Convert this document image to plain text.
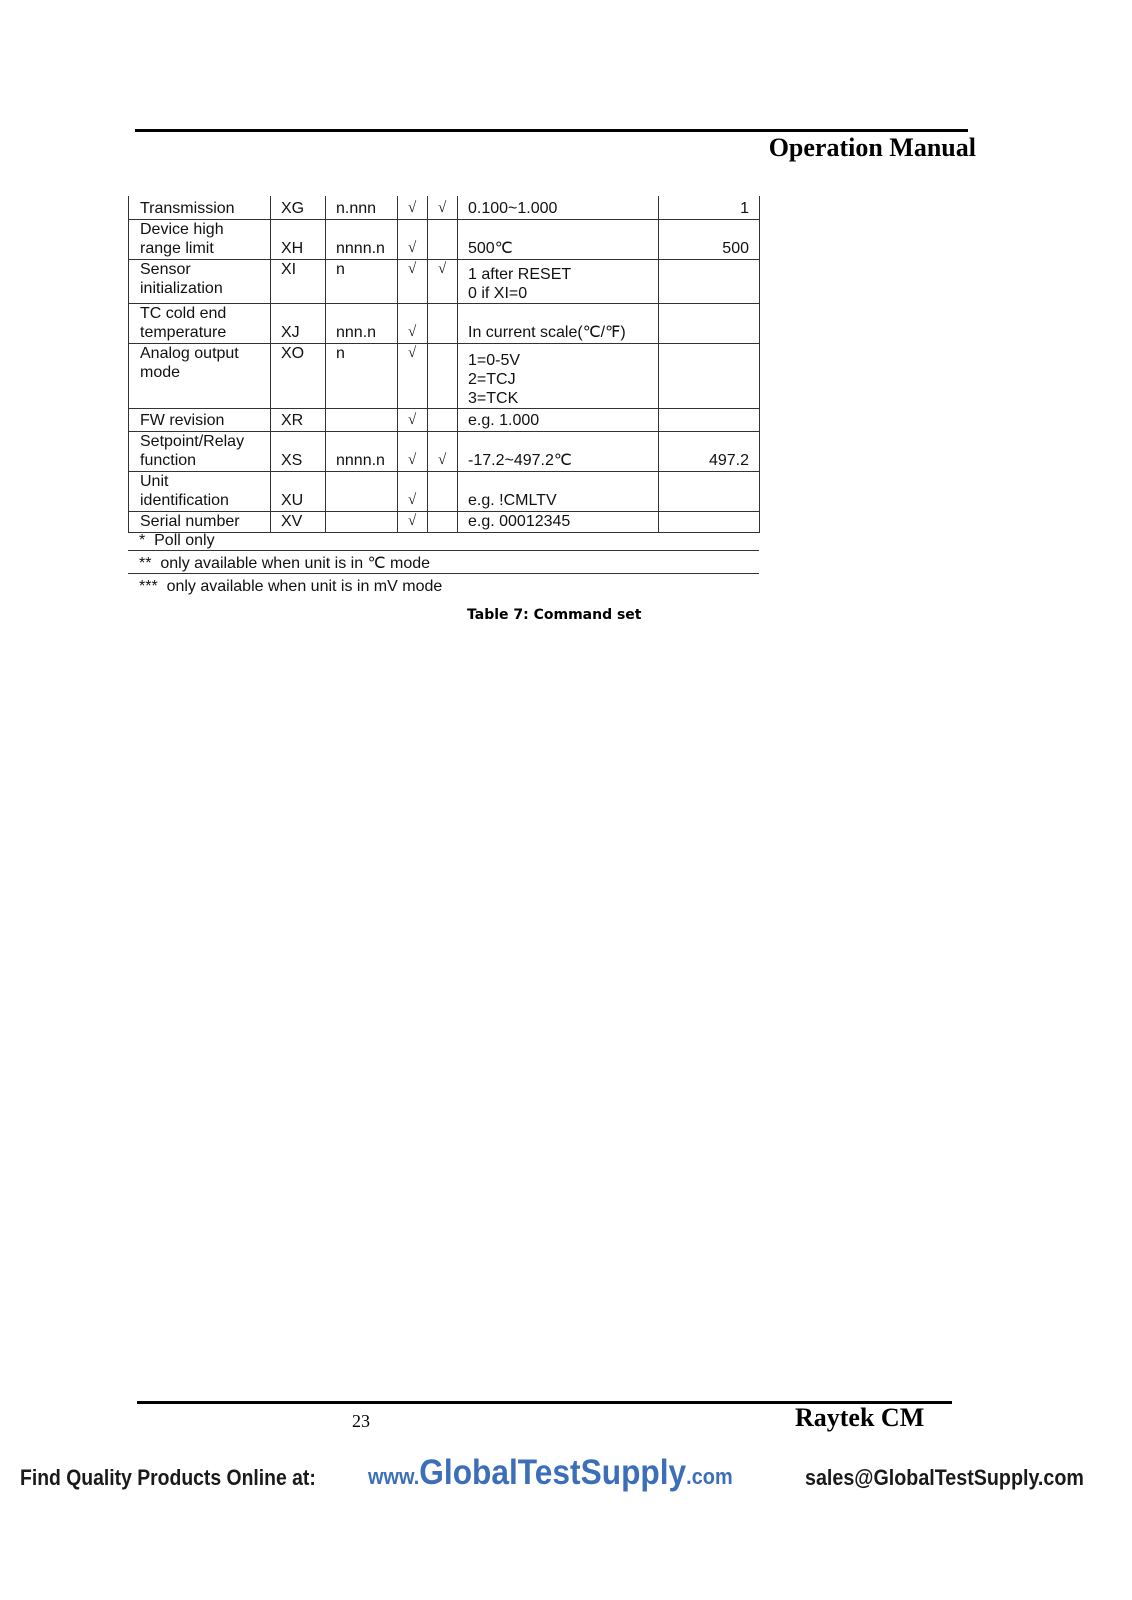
Operation Manual
Transmission	XG	n.nnn	√	√	0.100~1.000	1
Device high
range limit	XH	nnnn.n	√		500℃	500
Sensor
initialization	XI	n	√	√	1 after RESET
0 if XI=0	
TC cold end
temperature	XJ	nnn.n	√		In current scale(℃/℉)	
Analog output
mode	XO	n	√		1=0-5V
2=TCJ
3=TCK	
FW revision	XR		√		e.g. 1.000	
Setpoint/Relay
function	XS	nnnn.n	√	√	-17.2~497.2℃	497.2
Unit
identification	XU		√		e.g. !CMLTV	
Serial number	XV		√		e.g. 00012345	
*  Poll only
**  only available when unit is in ℃ mode
***  only available when unit is in mV mode
Table 7: Command set
23	Raytek CM
Find Quality Products Online at: www.GlobalTestSupply.com	sales@GlobalTestSupply.com
